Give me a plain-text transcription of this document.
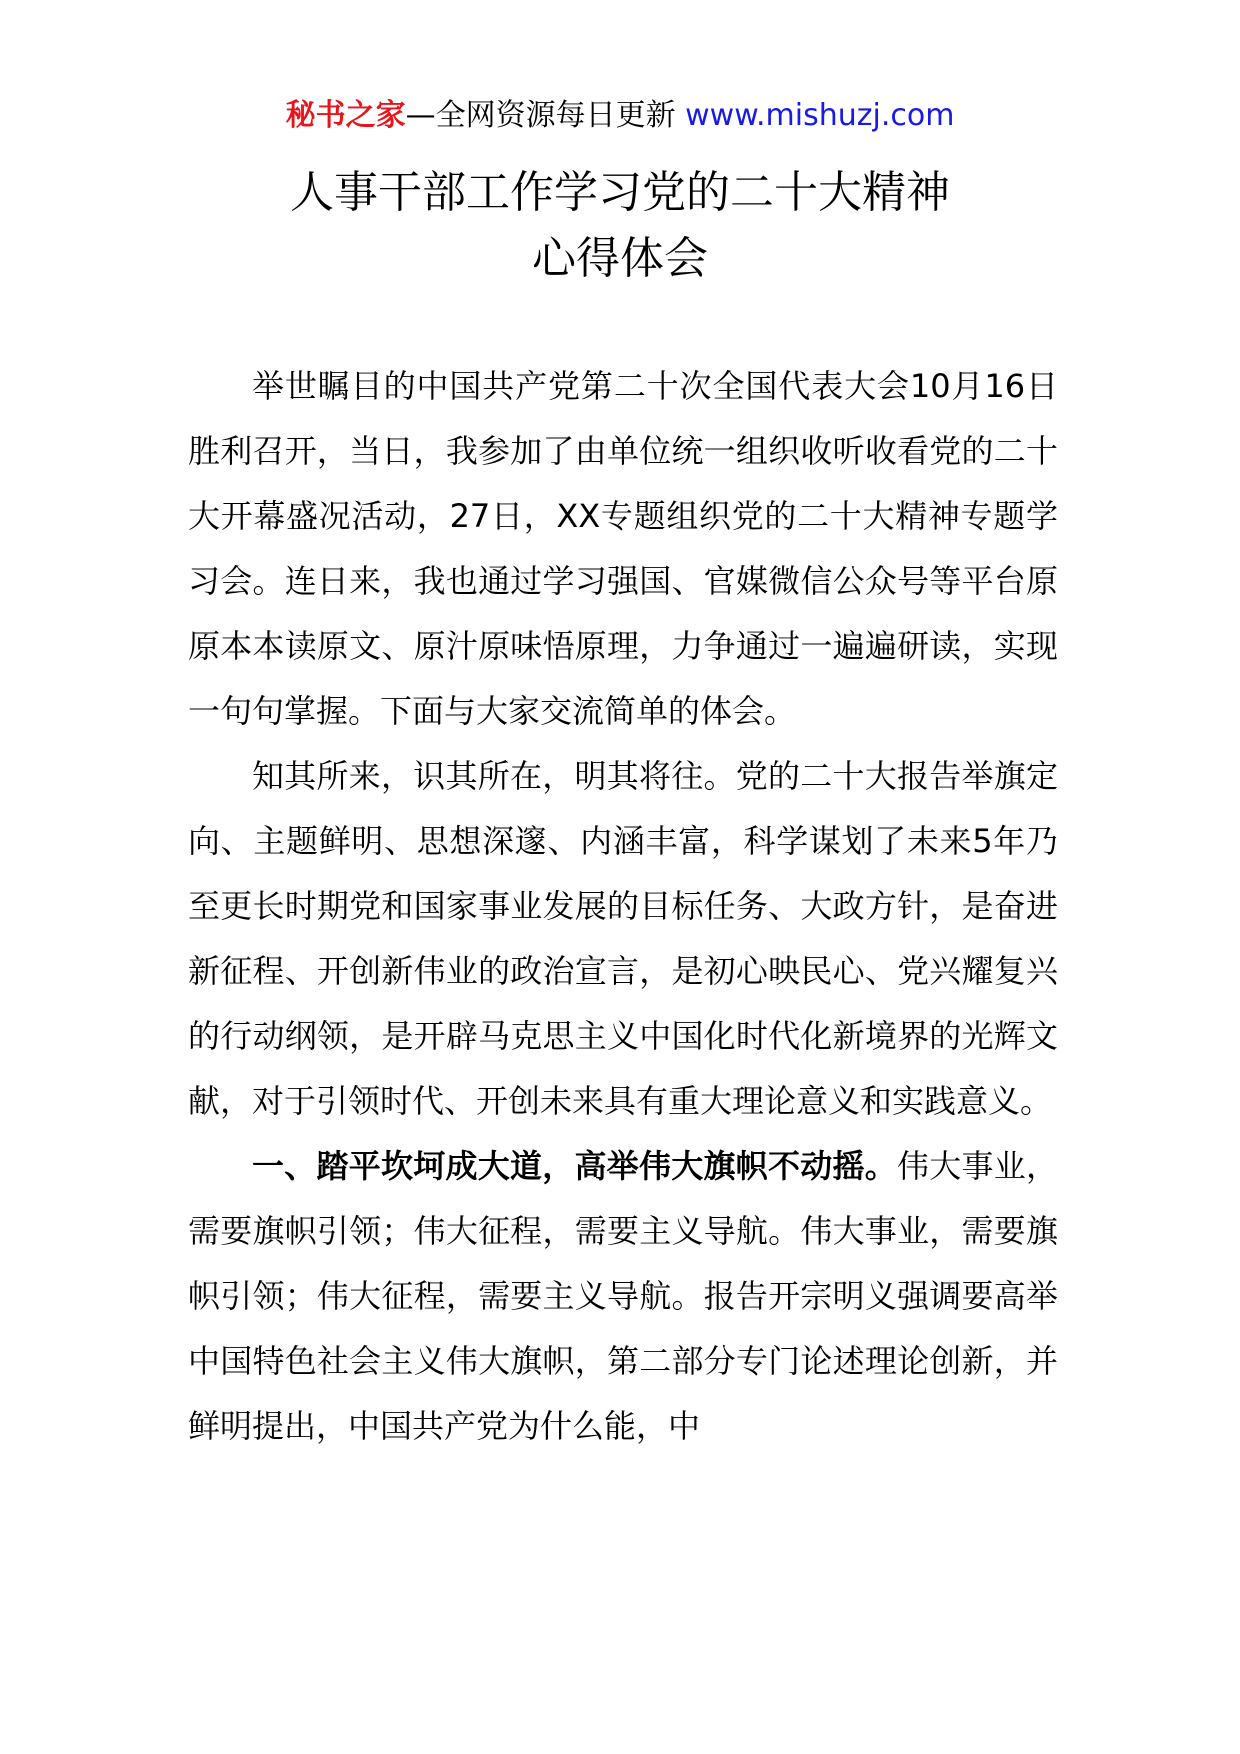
秘书之家—全网资源每日更新 www.mishuzj.com
人事干部工作学习党的二十大精神
心得体会

举世瞩目的中国共产党第二十次全国代表大会10月16日胜利召开，当日，我参加了由单位统一组织收听收看党的二十大开幕盛况活动，27日，XX专题组织党的二十大精神专题学习会。连日来，我也通过学习强国、官媒微信公众号等平台原原本本读原文、原汁原味悟原理，力争通过一遍遍研读，实现一句句掌握。下面与大家交流简单的体会。

知其所来，识其所在，明其将往。党的二十大报告举旗定向、主题鲜明、思想深邃、内涵丰富，科学谋划了未来5年乃至更长时期党和国家事业发展的目标任务、大政方针，是奋进新征程、开创新伟业的政治宣言，是初心映民心、党兴耀复兴的行动纲领，是开辟马克思主义中国化时代化新境界的光辉文献，对于引领时代、开创未来具有重大理论意义和实践意义。

一、踏平坎坷成大道，高举伟大旗帜不动摇。伟大事业，需要旗帜引领；伟大征程，需要主义导航。伟大事业，需要旗帜引领；伟大征程，需要主义导航。报告开宗明义强调要高举中国特色社会主义伟大旗帜，第二部分专门论述理论创新，并鲜明提出，中国共产党为什么能，中
